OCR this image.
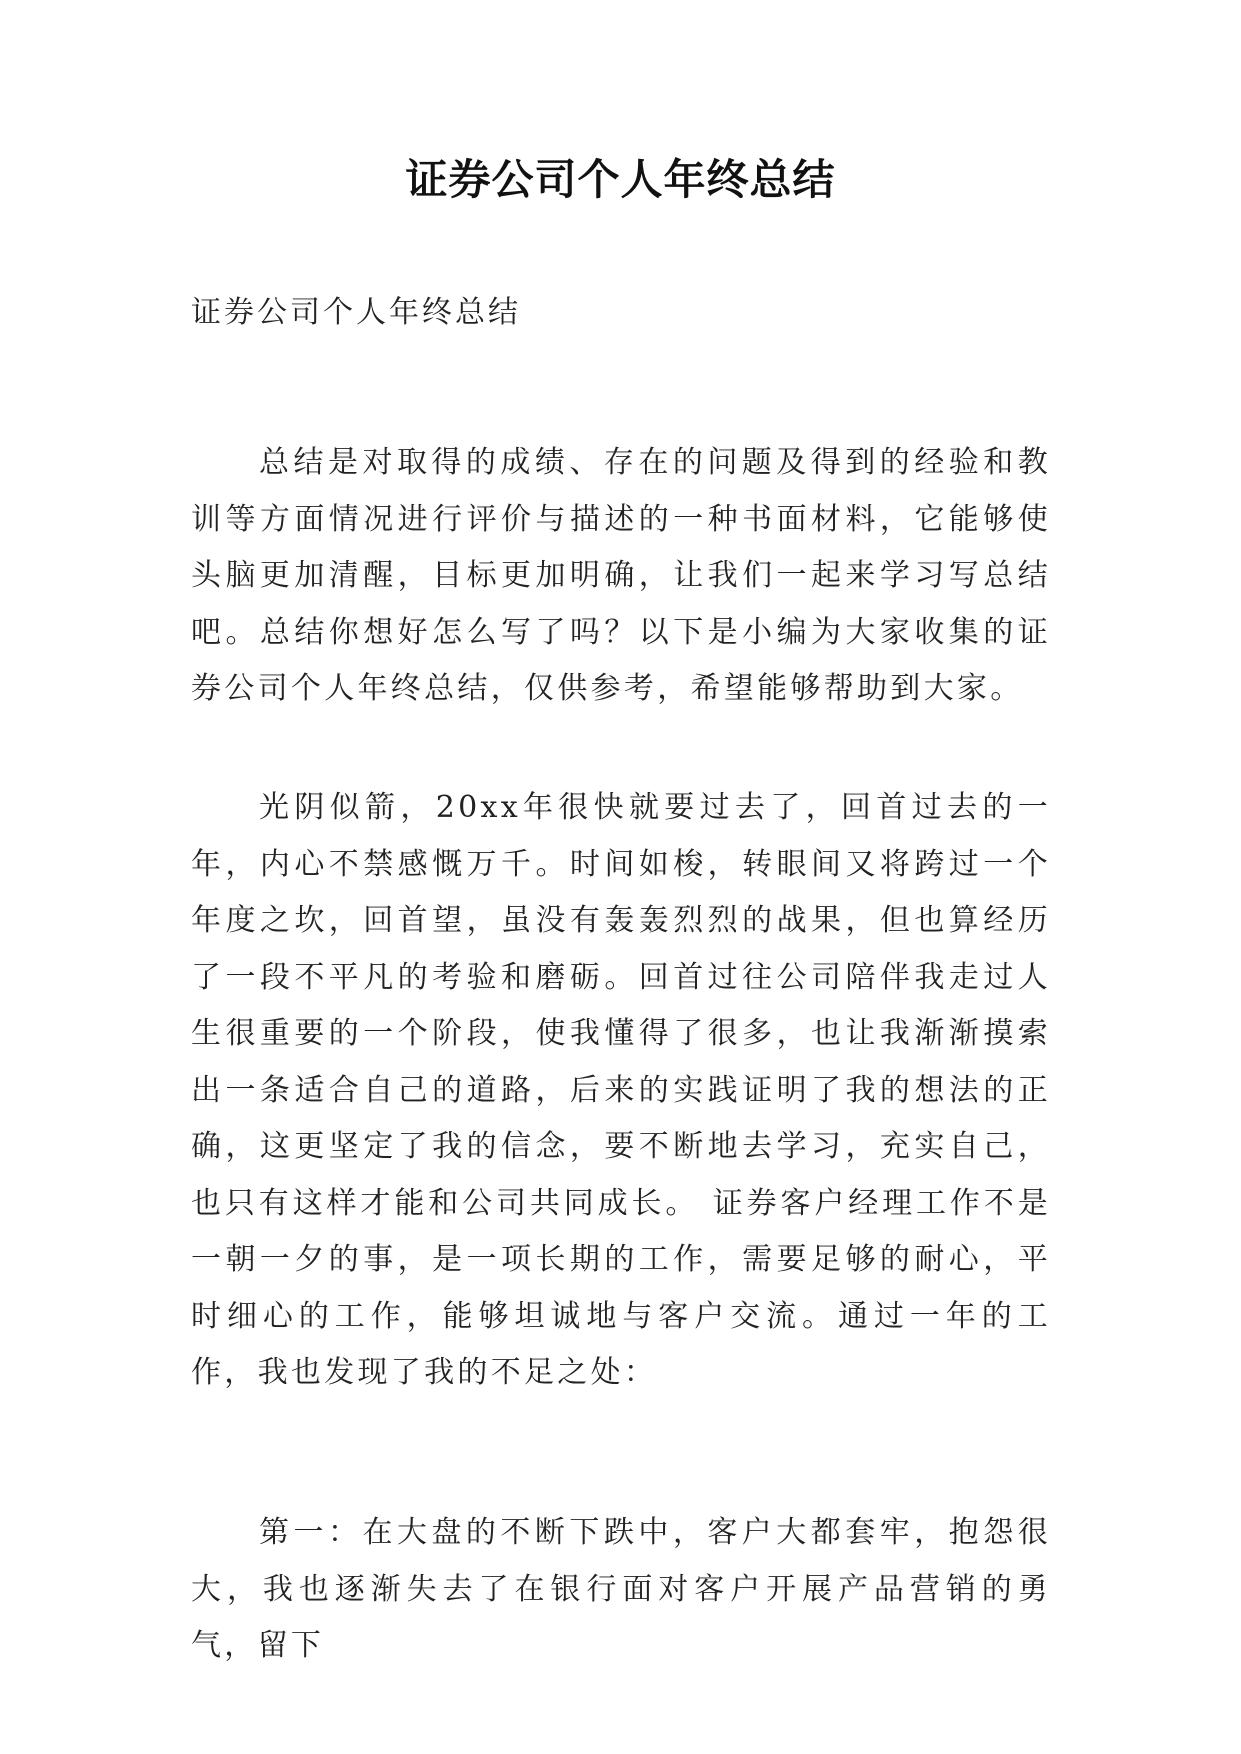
证券公司个人年终总结
证券公司个人年终总结

总结是对取得的成绩、存在的问题及得到的经验和教训等方面情况进行评价与描述的一种书面材料，它能够使头脑更加清醒，目标更加明确，让我们一起来学习写总结吧。总结你想好怎么写了吗？以下是小编为大家收集的证券公司个人年终总结，仅供参考，希望能够帮助到大家。

光阴似箭，20xx年很快就要过去了，回首过去的一年，内心不禁感慨万千。时间如梭，转眼间又将跨过一个年度之坎，回首望，虽没有轰轰烈烈的战果，但也算经历了一段不平凡的考验和磨砺。回首过往公司陪伴我走过人生很重要的一个阶段，使我懂得了很多，也让我渐渐摸索出一条适合自己的道路，后来的实践证明了我的想法的正确，这更坚定了我的信念，要不断地去学习，充实自己，也只有这样才能和公司共同成长。 证券客户经理工作不是一朝一夕的事，是一项长期的工作，需要足够的耐心，平时细心的工作，能够坦诚地与客户交流。通过一年的工作，我也发现了我的不足之处：

第一：在大盘的不断下跌中，客户大都套牢，抱怨很大，我也逐渐失去了在银行面对客户开展产品营销的勇气，留下
